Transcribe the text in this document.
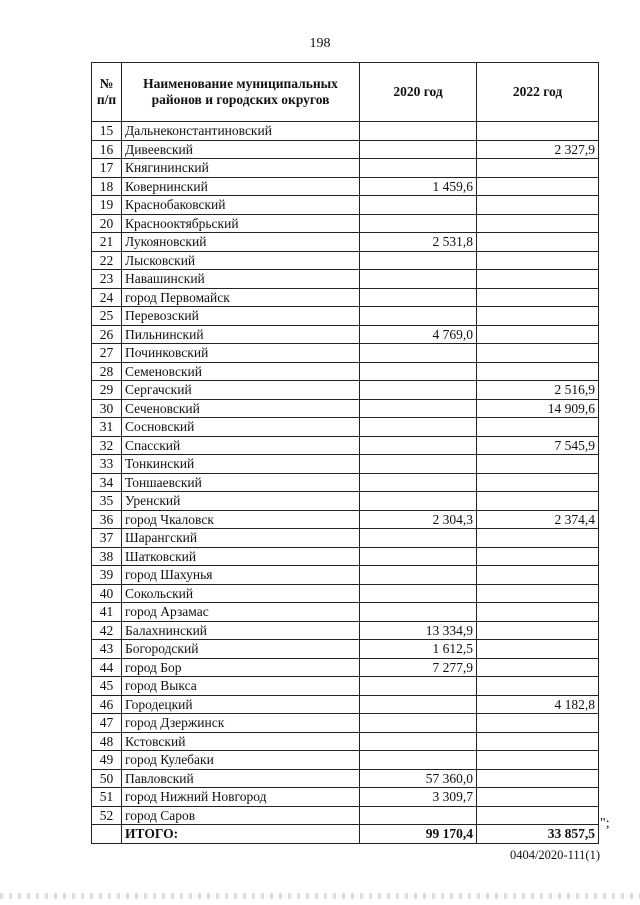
198
№ п/п	Наименование муниципальных районов и городских округов	2020 год	2022 год
15	Дальнеконстантиновский		
16	Дивеевский		2 327,9
17	Княгининский		
18	Ковернинский	1 459,6	
19	Краснобаковский		
20	Краснооктябрьский		
21	Лукояновский	2 531,8	
22	Лысковский		
23	Навашинский		
24	город Первомайск		
25	Перевозский		
26	Пильнинский	4 769,0	
27	Починковский		
28	Семеновский		
29	Сергачский		2 516,9
30	Сеченовский		14 909,6
31	Сосновский		
32	Спасский		7 545,9
33	Тонкинский		
34	Тоншаевский		
35	Уренский		
36	город Чкаловск	2 304,3	2 374,4
37	Шарангский		
38	Шатковский		
39	город Шахунья		
40	Сокольский		
41	город Арзамас		
42	Балахнинский	13 334,9	
43	Богородский	1 612,5	
44	город Бор	7 277,9	
45	город Выкса		
46	Городецкий		4 182,8
47	город Дзержинск		
48	Кстовский		
49	город Кулебаки		
50	Павловский	57 360,0	
51	город Нижний Новгород	3 309,7	
52	город Саров		
	ИТОГО:	99 170,4	33 857,5
";
0404/2020-111(1)
